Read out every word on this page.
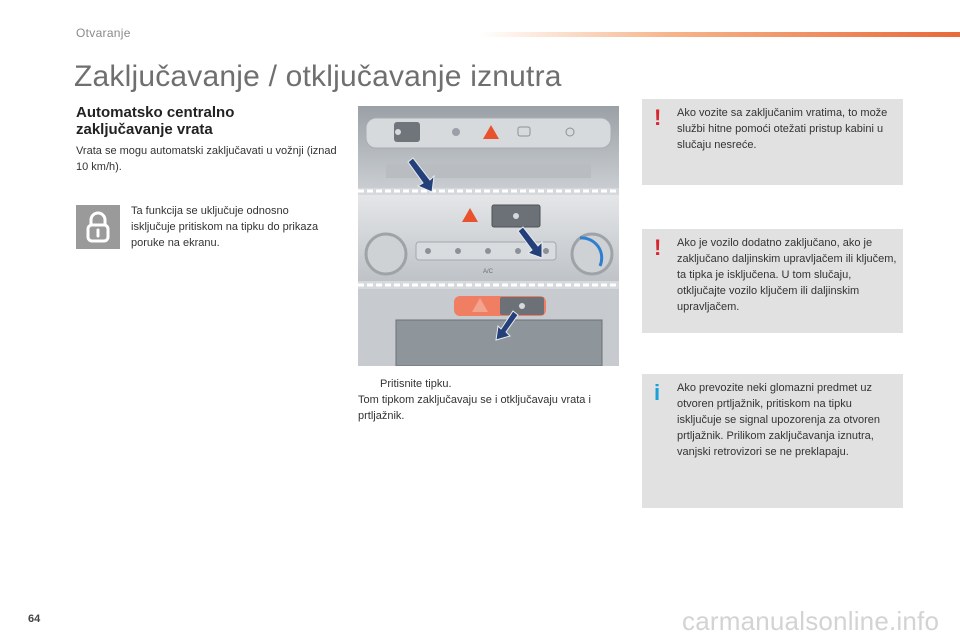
Otvaranje
Zaključavanje / otključavanje iznutra
Automatsko centralno
zaključavanje vrata
Vrata se mogu automatski zaključavati u vožnji (iznad 10 km/h).
Ta funkcija se uključuje odnosno isključuje pritiskom na tipku do prikaza poruke na ekranu.
A/C
Pritisnite tipku.
Tom tipkom zaključavaju se i otključavaju vrata i prtljažnik.
! Ako vozite sa zaključanim vratima, to može službi hitne pomoći otežati pristup kabini u slučaju nesreće.
! Ako je vozilo dodatno zaključano, ako je zaključano daljinskim upravljačem ili ključem, ta tipka je isključena. U tom slučaju, otključajte vozilo ključem ili daljinskim upravljačem.
i Ako prevozite neki glomazni predmet uz otvoren prtljažnik, pritiskom na tipku isključuje se signal upozorenja za otvoren prtljažnik. Prilikom zaključavanja iznutra, vanjski retrovizori se ne preklapaju.
64	carmanualsonline.info
